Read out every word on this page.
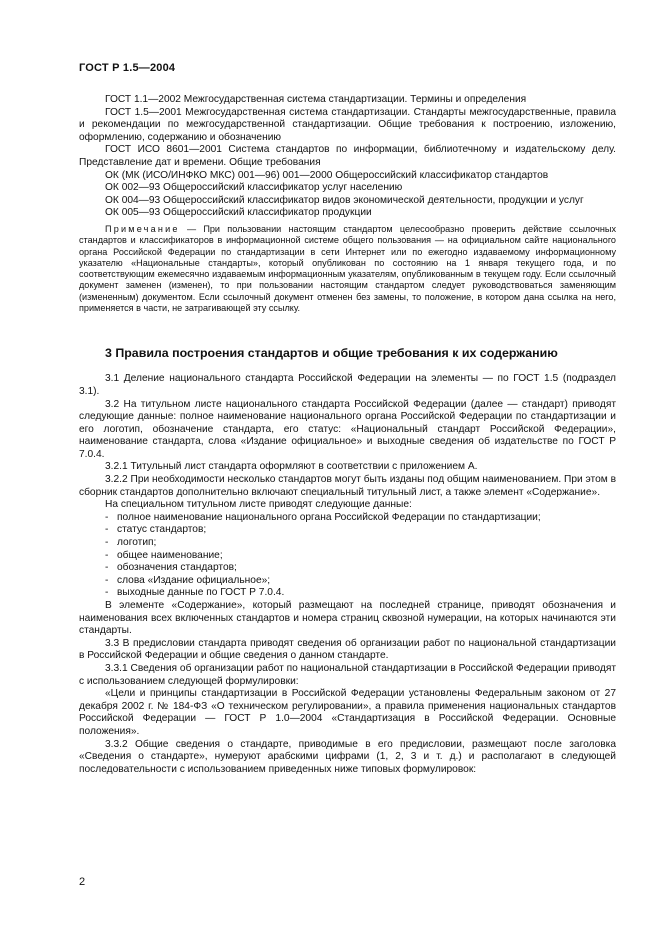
ГОСТ Р 1.5—2004

ГОСТ 1.1—2002 Межгосударственная система стандартизации. Термины и определения

ГОСТ 1.5—2001 Межгосударственная система стандартизации. Стандарты межгосударственные, правила и рекомендации по межгосударственной стандартизации. Общие требования к построению, изложению, оформлению, содержанию и обозначению

ГОСТ ИСО 8601—2001 Система стандартов по информации, библиотечному и издательскому делу. Представление дат и времени. Общие требования

ОК (МК (ИСО/ИНФКО МКС) 001—96) 001—2000 Общероссийский классификатор стандартов

ОК 002—93 Общероссийский классификатор услуг населению

ОК 004—93 Общероссийский классификатор видов экономической деятельности, продукции и услуг

ОК 005—93 Общероссийский классификатор продукции

Примечание — При пользовании настоящим стандартом целесообразно проверить действие ссылочных стандартов и классификаторов в информационной системе общего пользования — на официальном сайте национального органа Российской Федерации по стандартизации в сети Интернет или по ежегодно издаваемому информационному указателю «Национальные стандарты», который опубликован по состоянию на 1 января текущего года, и по соответствующим ежемесячно издаваемым информационным указателям, опубликованным в текущем году. Если ссылочный документ заменен (изменен), то при пользовании настоящим стандартом следует руководствоваться заменяющим (измененным) документом. Если ссылочный документ отменен без замены, то положение, в котором дана ссылка на него, применяется в части, не затрагивающей эту ссылку.

3 Правила построения стандартов и общие требования к их содержанию

3.1 Деление национального стандарта Российской Федерации на элементы — по ГОСТ 1.5 (подраздел 3.1).

3.2 На титульном листе национального стандарта Российской Федерации (далее — стандарт) приводят следующие данные: полное наименование национального органа Российской Федерации по стандартизации и его логотип, обозначение стандарта, его статус: «Национальный стандарт Российской Федерации», наименование стандарта, слова «Издание официальное» и выходные сведения об издательстве по ГОСТ Р 7.0.4.

3.2.1 Титульный лист стандарта оформляют в соответствии с приложением А.

3.2.2 При необходимости несколько стандартов могут быть изданы под общим наименованием. При этом в сборник стандартов дополнительно включают специальный титульный лист, а также элемент «Содержание».

На специальном титульном листе приводят следующие данные:

- полное наименование национального органа Российской Федерации по стандартизации;
- статус стандартов;
- логотип;
- общее наименование;
- обозначения стандартов;
- слова «Издание официальное»;
- выходные данные по ГОСТ Р 7.0.4.

В элементе «Содержание», который размещают на последней странице, приводят обозначения и наименования всех включенных стандартов и номера страниц сквозной нумерации, на которых начинаются эти стандарты.

3.3 В предисловии стандарта приводят сведения об организации работ по национальной стандартизации в Российской Федерации и общие сведения о данном стандарте.

3.3.1 Сведения об организации работ по национальной стандартизации в Российской Федерации приводят с использованием следующей формулировки:

«Цели и принципы стандартизации в Российской Федерации установлены Федеральным законом от 27 декабря 2002 г. № 184-ФЗ «О техническом регулировании», а правила применения национальных стандартов Российской Федерации — ГОСТ Р 1.0—2004 «Стандартизация в Российской Федерации. Основные положения».

3.3.2 Общие сведения о стандарте, приводимые в его предисловии, размещают после заголовка «Сведения о стандарте», нумеруют арабскими цифрами (1, 2, 3 и т. д.) и располагают в следующей последовательности с использованием приведенных ниже типовых формулировок:

2
